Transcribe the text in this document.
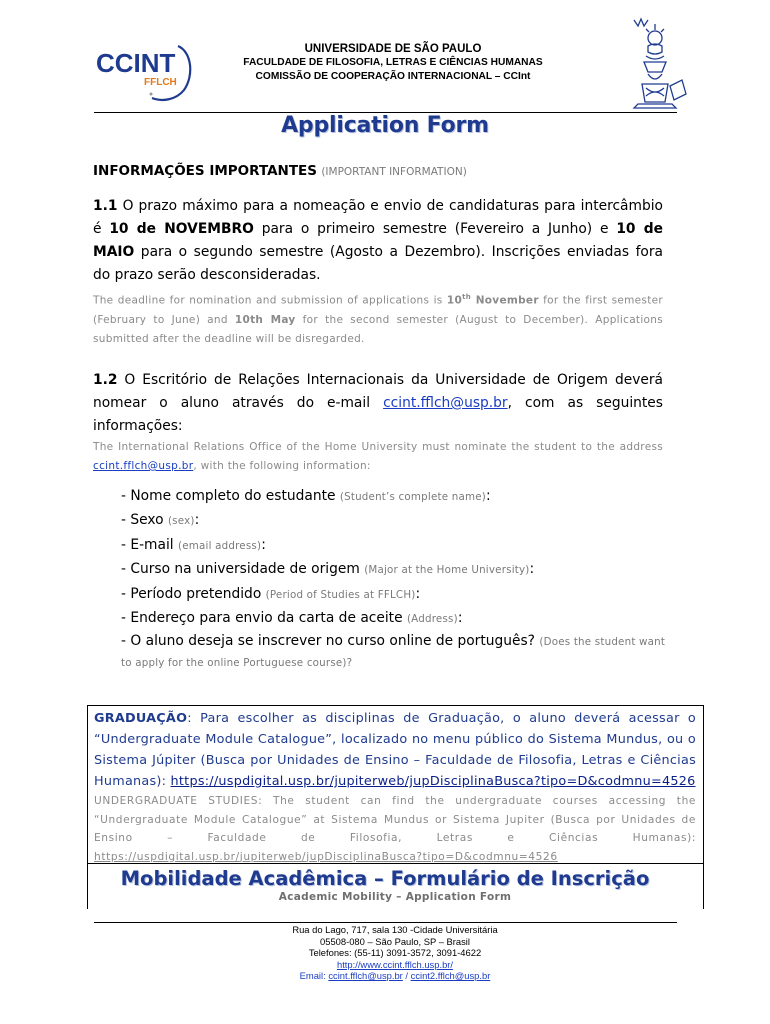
CCINT
FFLCH
UNIVERSIDADE DE SÃO PAULO
FACULDADE DE FILOSOFIA, LETRAS E CIÊNCIAS HUMANAS
COMISSÃO DE COOPERAÇÃO INTERNACIONAL – CCInt
Application Form
INFORMAÇÕES IMPORTANTES (IMPORTANT INFORMATION)
1.1 O prazo máximo para a nomeação e envio de candidaturas para intercâmbio é 10 de NOVEMBRO para o primeiro semestre (Fevereiro a Junho) e 10 de MAIO para o segundo semestre (Agosto a Dezembro). Inscrições enviadas fora do prazo serão desconsideradas.
The deadline for nomination and submission of applications is 10th November for the first semester (February to June) and 10th May for the second semester (August to December). Applications submitted after the deadline will be disregarded.
1.2 O Escritório de Relações Internacionais da Universidade de Origem deverá nomear o aluno através do e-mail ccint.fflch@usp.br, com as seguintes informações:
The International Relations Office of the Home University must nominate the student to the address ccint.fflch@usp.br, with the following information:
- Nome completo do estudante (Student’s complete name):
- Sexo (sex):
- E-mail (email address):
- Curso na universidade de origem (Major at the Home University):
- Período pretendido (Period of Studies at FFLCH):
- Endereço para envio da carta de aceite (Address):
- O aluno deseja se inscrever no curso online de português? (Does the student want to apply for the online Portuguese course)?
GRADUAÇÃO: Para escolher as disciplinas de Graduação, o aluno deverá acessar o “Undergraduate Module Catalogue”, localizado no menu público do Sistema Mundus, ou o Sistema Júpiter (Busca por Unidades de Ensino – Faculdade de Filosofia, Letras e Ciências Humanas): https://uspdigital.usp.br/jupiterweb/jupDisciplinaBusca?tipo=D&codmnu=4526
UNDERGRADUATE STUDIES: The student can find the undergraduate courses accessing the “Undergraduate Module Catalogue” at Sistema Mundus or Sistema Jupiter (Busca por Unidades de Ensino – Faculdade de Filosofia, Letras e Ciências Humanas): https://uspdigital.usp.br/jupiterweb/jupDisciplinaBusca?tipo=D&codmnu=4526
Mobilidade Acadêmica – Formulário de Inscrição
Academic Mobility – Application Form
Rua do Lago, 717, sala 130 -Cidade Universitária
05508-080 – São Paulo, SP – Brasil
Telefones: (55-11) 3091-3572, 3091-4622
http://www.ccint.fflch.usp.br/
Email: ccint.fflch@usp.br / ccint2.fflch@usp.br
